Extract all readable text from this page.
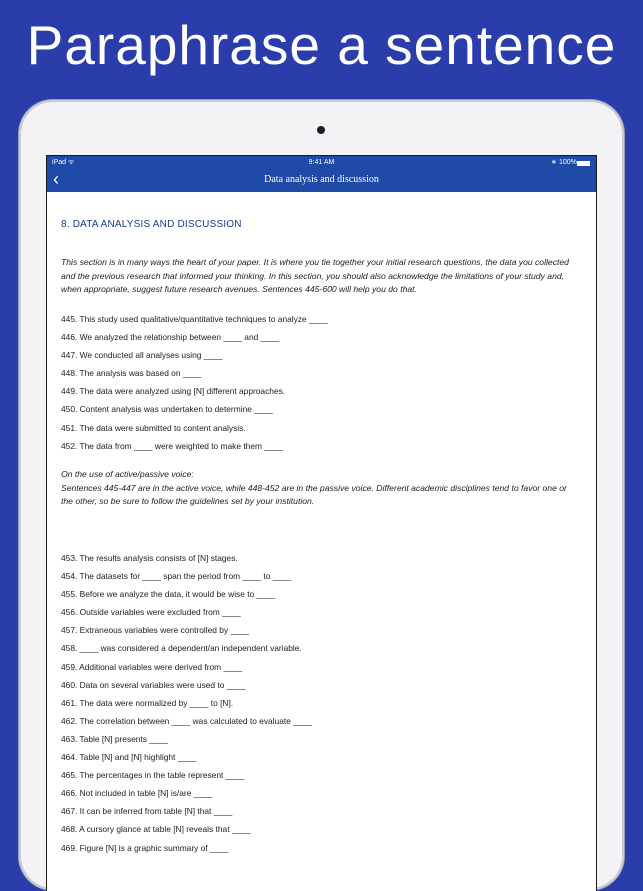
Paraphrase a sentence
iPad ᯤ	9:41 AM	∗ 100%
‹	Data analysis and discussion
8. DATA ANALYSIS AND DISCUSSION
This section is in many ways the heart of your paper. It is where you tie together your initial research questions, the data you collected and the previous research that informed your thinking. In this section, you should also acknowledge the limitations of your study and, when appropriate, suggest future research avenues. Sentences 445-600 will help you do that.
445. This study used qualitative/quantitative techniques to analyze ____
446. We analyzed the relationship between ____ and ____
447. We conducted all analyses using ____
448. The analysis was based on ____
449. The data were analyzed using [N] different approaches.
450. Content analysis was undertaken to determine ____
451. The data were submitted to content analysis.
452. The data from ____ were weighted to make them ____
On the use of active/passive voice:
Sentences 445-447 are in the active voice, while 448-452 are in the passive voice. Different academic disciplines tend to favor one or the other, so be sure to follow the guidelines set by your institution.
453. The results analysis consists of [N] stages.
454. The datasets for ____ span the period from ____ to ____
455. Before we analyze the data, it would be wise to ____
456. Outside variables were excluded from ____
457. Extraneous variables were controlled by ____
458. ____ was considered a dependent/an independent variable.
459. Additional variables were derived from ____
460. Data on several variables were used to ____
461. The data were normalized by ____ to [N].
462. The correlation between ____ was calculated to evaluate ____
463. Table [N] presents ____
464. Table [N] and [N] highlight ____
465. The percentages in the table represent ____
466. Not included in table [N] is/are ____
467. It can be inferred from table [N] that ____
468. A cursory glance at table [N] reveals that ____
469. Figure [N] is a graphic summary of ____
